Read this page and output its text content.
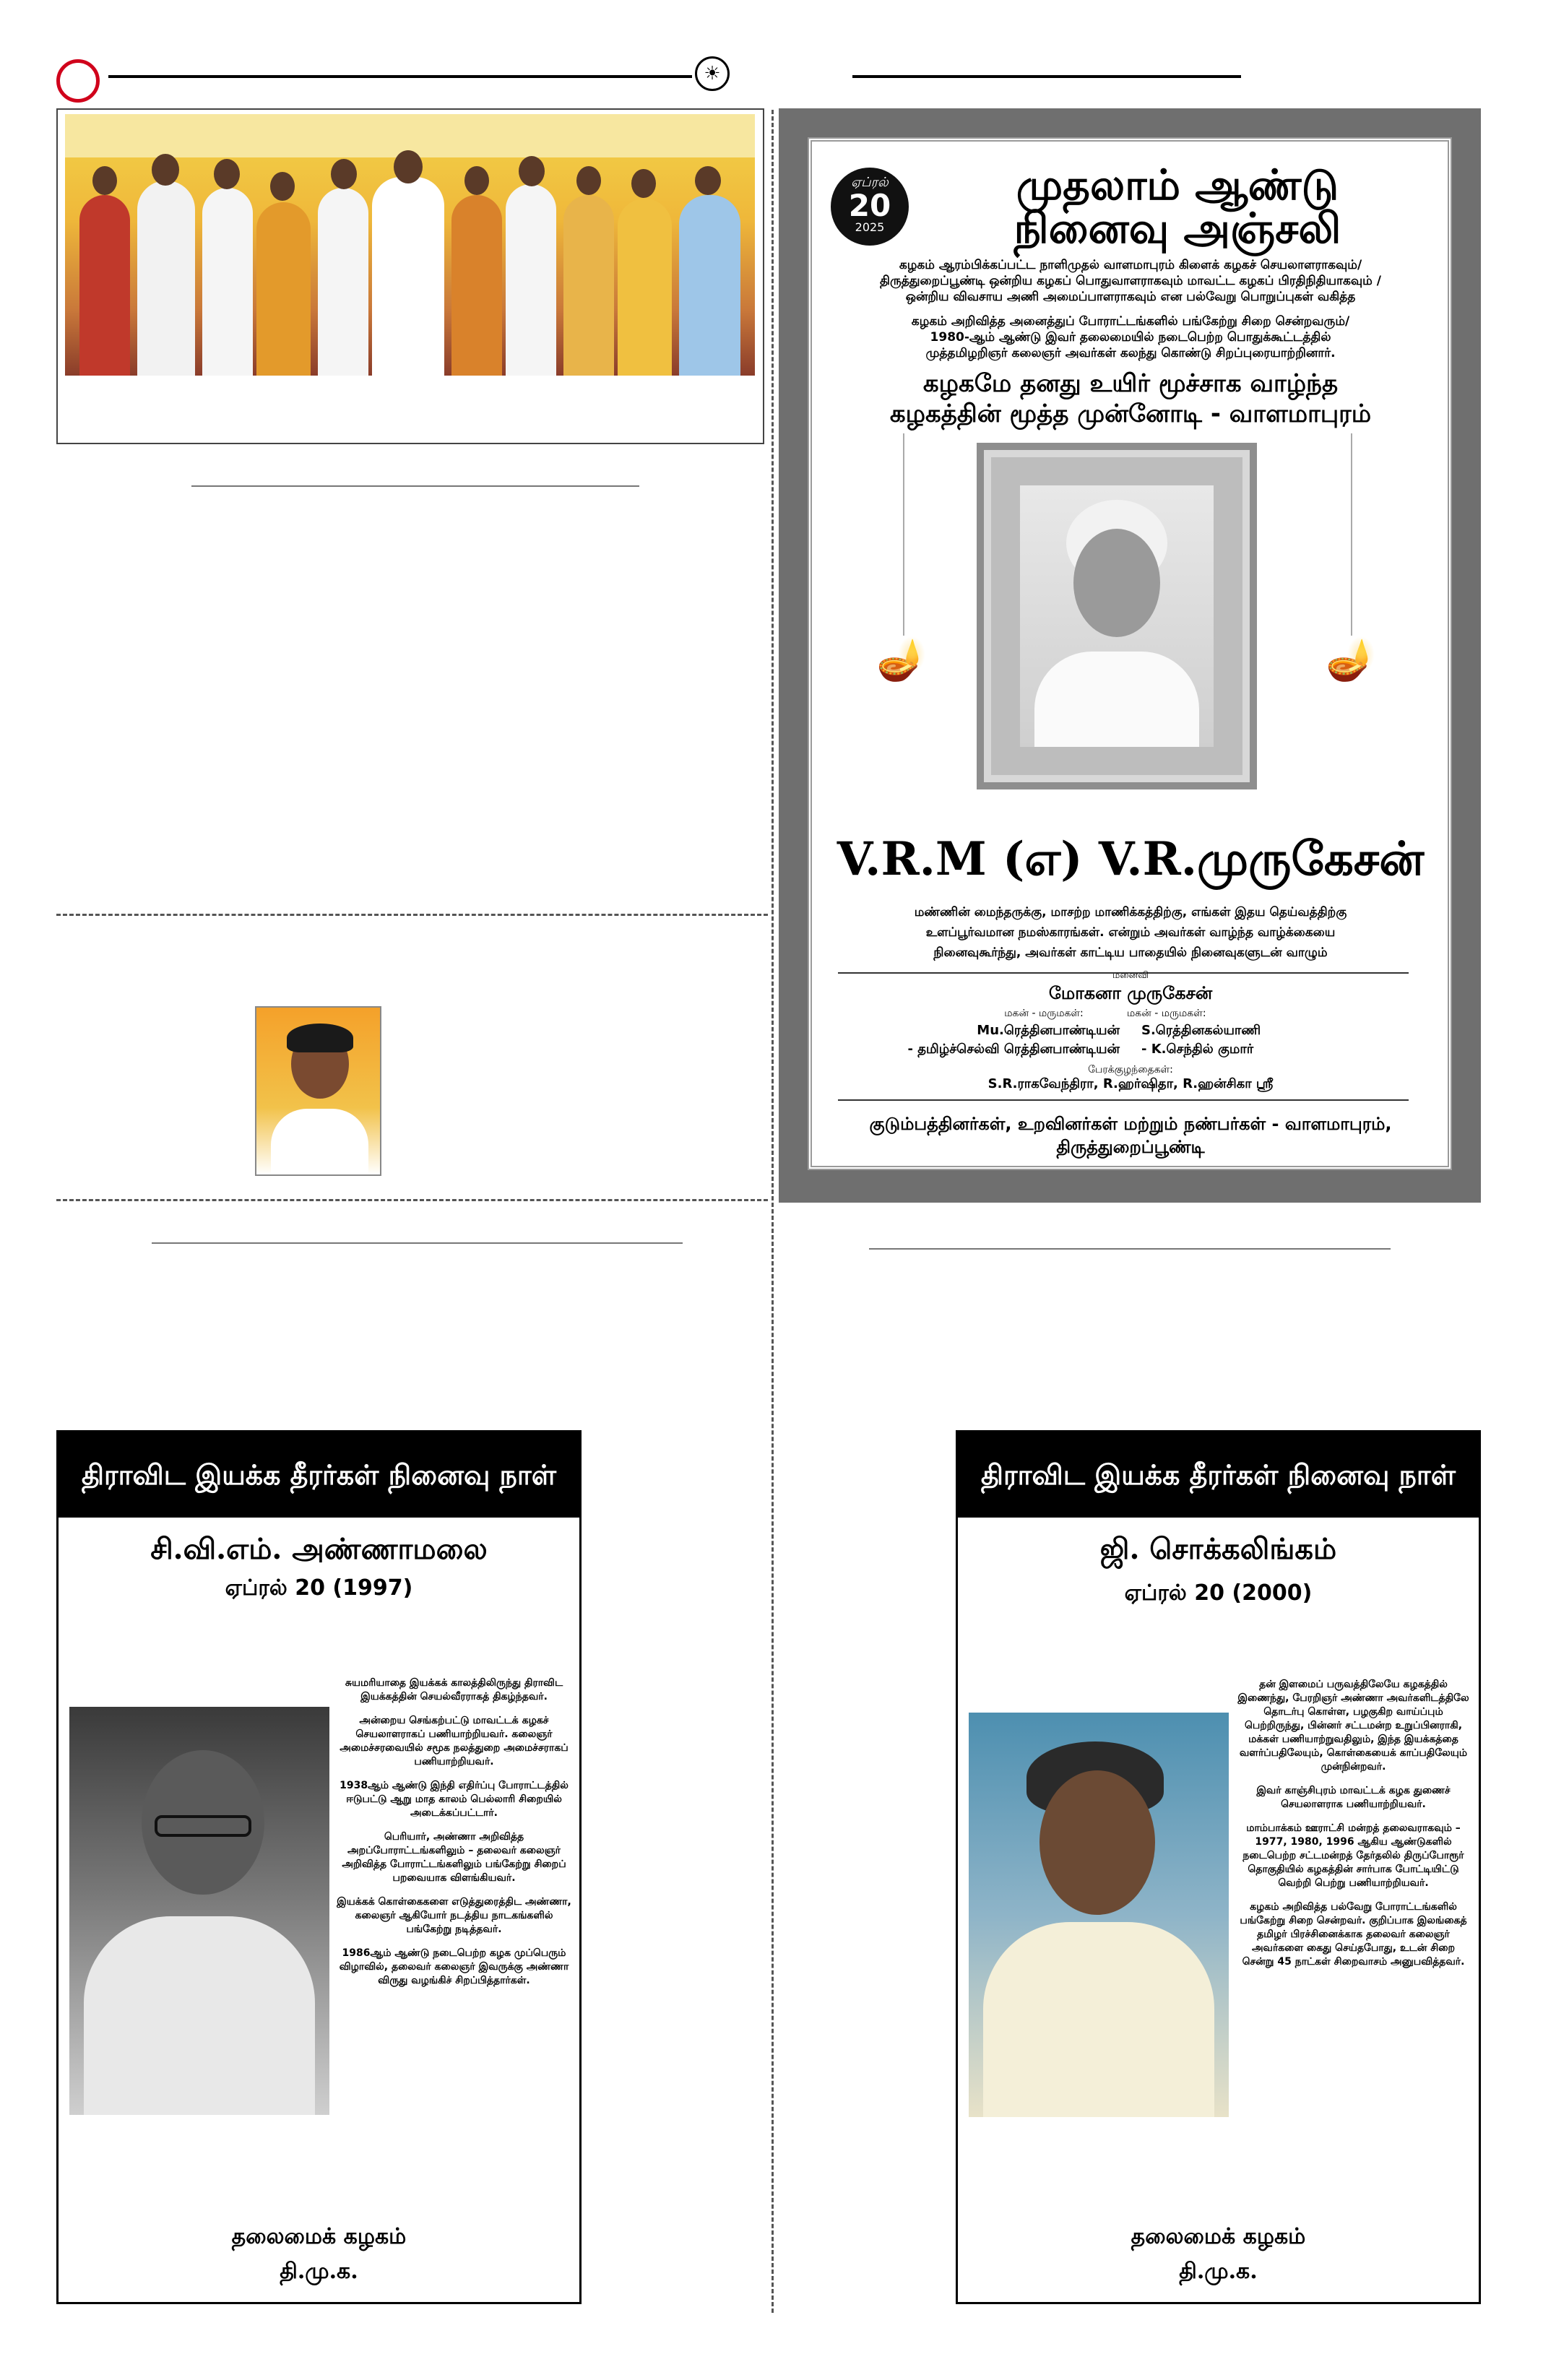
☀
ஏப்ரல்
20
2025
முதலாம் ஆண்டு
நினைவு அஞ்சலி
கழகம் ஆரம்பிக்கப்பட்ட நாளிமுதல் வாளமாபுரம் கிளைக் கழகச் செயலாளராகவும்/
திருத்துறைப்பூண்டி ஒன்றிய கழகப் பொதுவாளராகவும் மாவட்ட கழகப் பிரதிநிதியாகவும் /
ஒன்றிய விவசாய அணி அமைப்பாளராகவும் என பல்வேறு பொறுப்புகள் வகித்த
கழகம் அறிவித்த அனைத்துப் போராட்டங்களில் பங்கேற்று சிறை சென்றவரும்/
1980-ஆம் ஆண்டு இவர் தலைமையில் நடைபெற்ற பொதுக்கூட்டத்தில்
முத்தமிழறிஞர் கலைஞர் அவர்கள் கலந்து கொண்டு சிறப்புரையாற்றினார்.
கழகமே தனது உயிர் மூச்சாக வாழ்ந்த
கழகத்தின் மூத்த முன்னோடி - வாளமாபுரம்
🪔	🪔
V.R.M (எ) V.R.முருகேசன்
மண்ணின் மைந்தருக்கு, மாசற்ற மாணிக்கத்திற்கு, எங்கள் இதய தெய்வத்திற்கு
உளப்பூர்வமான நமஸ்காரங்கள். என்றும் அவர்கள் வாழ்ந்த வாழ்க்கையை
நினைவுகூர்ந்து, அவர்கள் காட்டிய பாதையில் நினைவுகளுடன் வாழும்
மனைவி
மோகனா முருகேசன்
மகன் - மருமகள்:	மகன் - மருமகள்:
Mu.ரெத்தினபாண்டியன் S.ரெத்தினகல்யாணி
- தமிழ்ச்செல்வி ரெத்தினபாண்டியன் - K.செந்தில் குமார்
பேரக்குழந்தைகள்:
S.R.ராகவேந்திரா, R.ஹர்ஷிதா, R.ஹன்சிகா ஸ்ரீ
குடும்பத்தினர்கள், உறவினர்கள் மற்றும் நண்பர்கள் - வாளமாபுரம், திருத்துறைப்பூண்டி
திராவிட இயக்க தீரர்கள் நினைவு நாள்
சி.வி.எம். அண்ணாமலை
ஏப்ரல் 20 (1997)

சுயமரியாதை இயக்கக் காலத்திலிருந்து திராவிட இயக்கத்தின் செயல்வீரராகத் திகழ்ந்தவர்.

அன்றைய செங்கற்பட்டு மாவட்டக் கழகச் செயலாளராகப் பணியாற்றியவர். கலைஞர் அமைச்சரவையில் சமூக நலத்துறை அமைச்சராகப் பணியாற்றியவர்.

1938ஆம் ஆண்டு இந்தி எதிர்ப்பு போராட்டத்தில் ஈடுபட்டு ஆறு மாத காலம் பெல்லாரி சிறையில் அடைக்கப்பட்டார்.

பெரியார், அண்ணா அறிவித்த அறப்போராட்டங்களிலும் – தலைவர் கலைஞர் அறிவித்த போராட்டங்களிலும் பங்கேற்று சிறைப் பறவையாக விளங்கியவர்.

இயக்கக் கொள்கைகளை எடுத்துரைத்திட அண்ணா, கலைஞர் ஆகியோர் நடத்திய நாடகங்களில் பங்கேற்று நடித்தவர்.

1986ஆம் ஆண்டு நடைபெற்ற கழக முப்பெரும் விழாவில், தலைவர் கலைஞர் இவருக்கு அண்ணா விருது வழங்கிச் சிறப்பித்தார்கள்.

தலைமைக் கழகம்
தி.மு.க.
திராவிட இயக்க தீரர்கள் நினைவு நாள்
ஜி. சொக்கலிங்கம்
ஏப்ரல் 20 (2000)

தன் இளமைப் பருவத்திலேயே கழகத்தில் இணைந்து, பேரறிஞர் அண்ணா அவர்களிடத்திலே தொடர்பு கொள்ள, பழகுகிற வாய்ப்பும் பெற்றிருந்து, பின்னர் சட்டமன்ற உறுப்பினராகி, மக்கள் பணியாற்றுவதிலும், இந்த இயக்கத்தை வளர்ப்பதிலேயும், கொள்கையைக் காப்பதிலேயும் முன்நின்றவர்.

இவர் காஞ்சிபுரம் மாவட்டக் கழக துணைச் செயலாளராக பணியாற்றியவர்.

மாம்பாக்கம் ஊராட்சி மன்றத் தலைவராகவும் – 1977, 1980, 1996 ஆகிய ஆண்டுகளில் நடைபெற்ற சட்டமன்றத் தேர்தலில் திருப்போரூர் தொகுதியில் கழகத்தின் சார்பாக போட்டியிட்டு வெற்றி பெற்று பணியாற்றியவர்.

கழகம் அறிவித்த பல்வேறு போராட்டங்களில் பங்கேற்று சிறை சென்றவர். குறிப்பாக இலங்கைத் தமிழர் பிரச்சினைக்காக தலைவர் கலைஞர் அவர்களை கைது செய்தபோது, உடன் சிறை சென்று 45 நாட்கள் சிறைவாசம் அனுபவித்தவர்.

தலைமைக் கழகம்
தி.மு.க.
